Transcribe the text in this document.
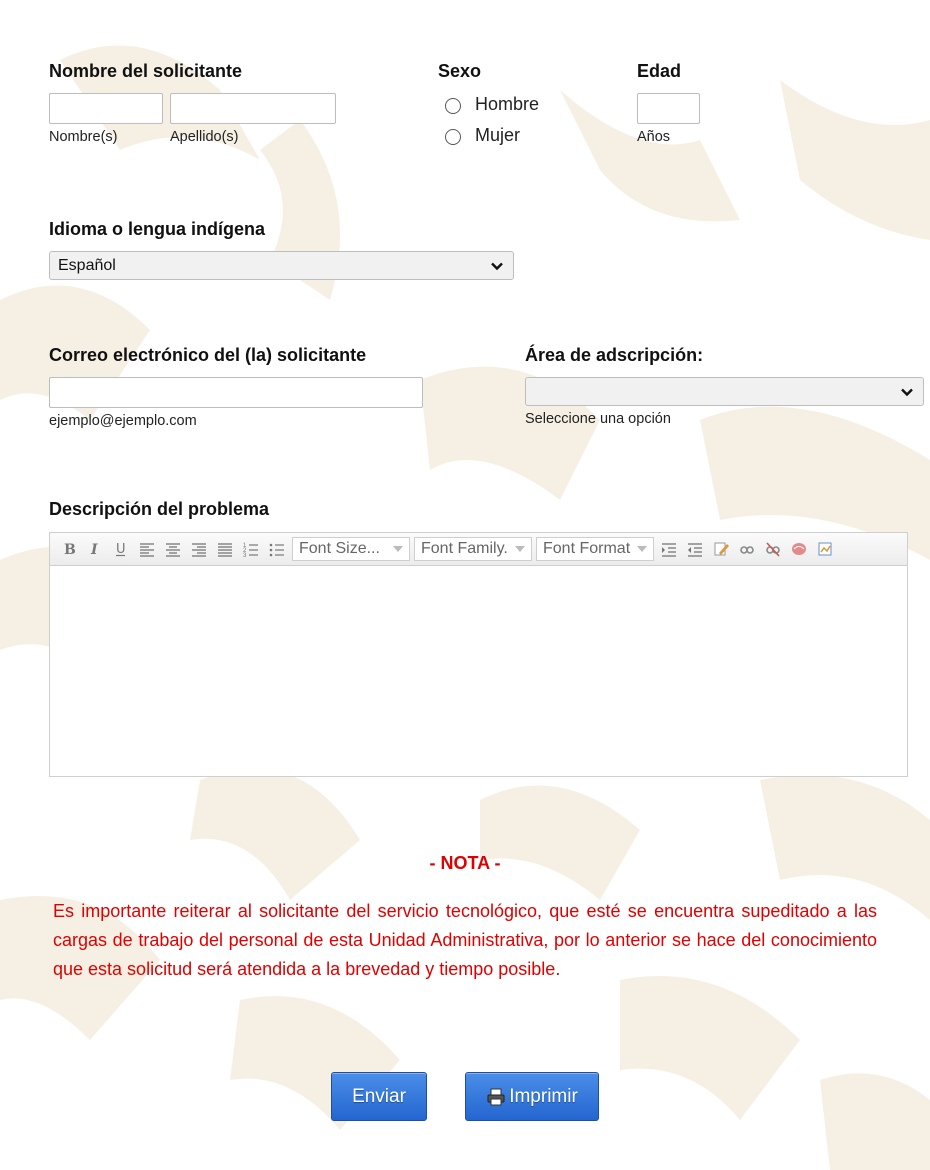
Nombre del solicitante
Nombre(s)	Apellido(s)
Sexo
Hombre
Mujer
Edad
Años
Idioma o lengua indígena
Español
Correo electrónico del (la) solicitante
ejemplo@ejemplo.com
Área de adscripción:
Seleccione una opción
Descripción del problema
B I U	1
2
3	Font Size...	Font Family. Font Format
- NOTA -
Es importante reiterar al solicitante del servicio tecnológico, que esté se encuentra supeditado a las cargas de trabajo del personal de esta Unidad Administrativa, por lo anterior se hace del conocimiento que esta solicitud será atendida a la brevedad y tiempo posible.
Enviar	Imprimir
